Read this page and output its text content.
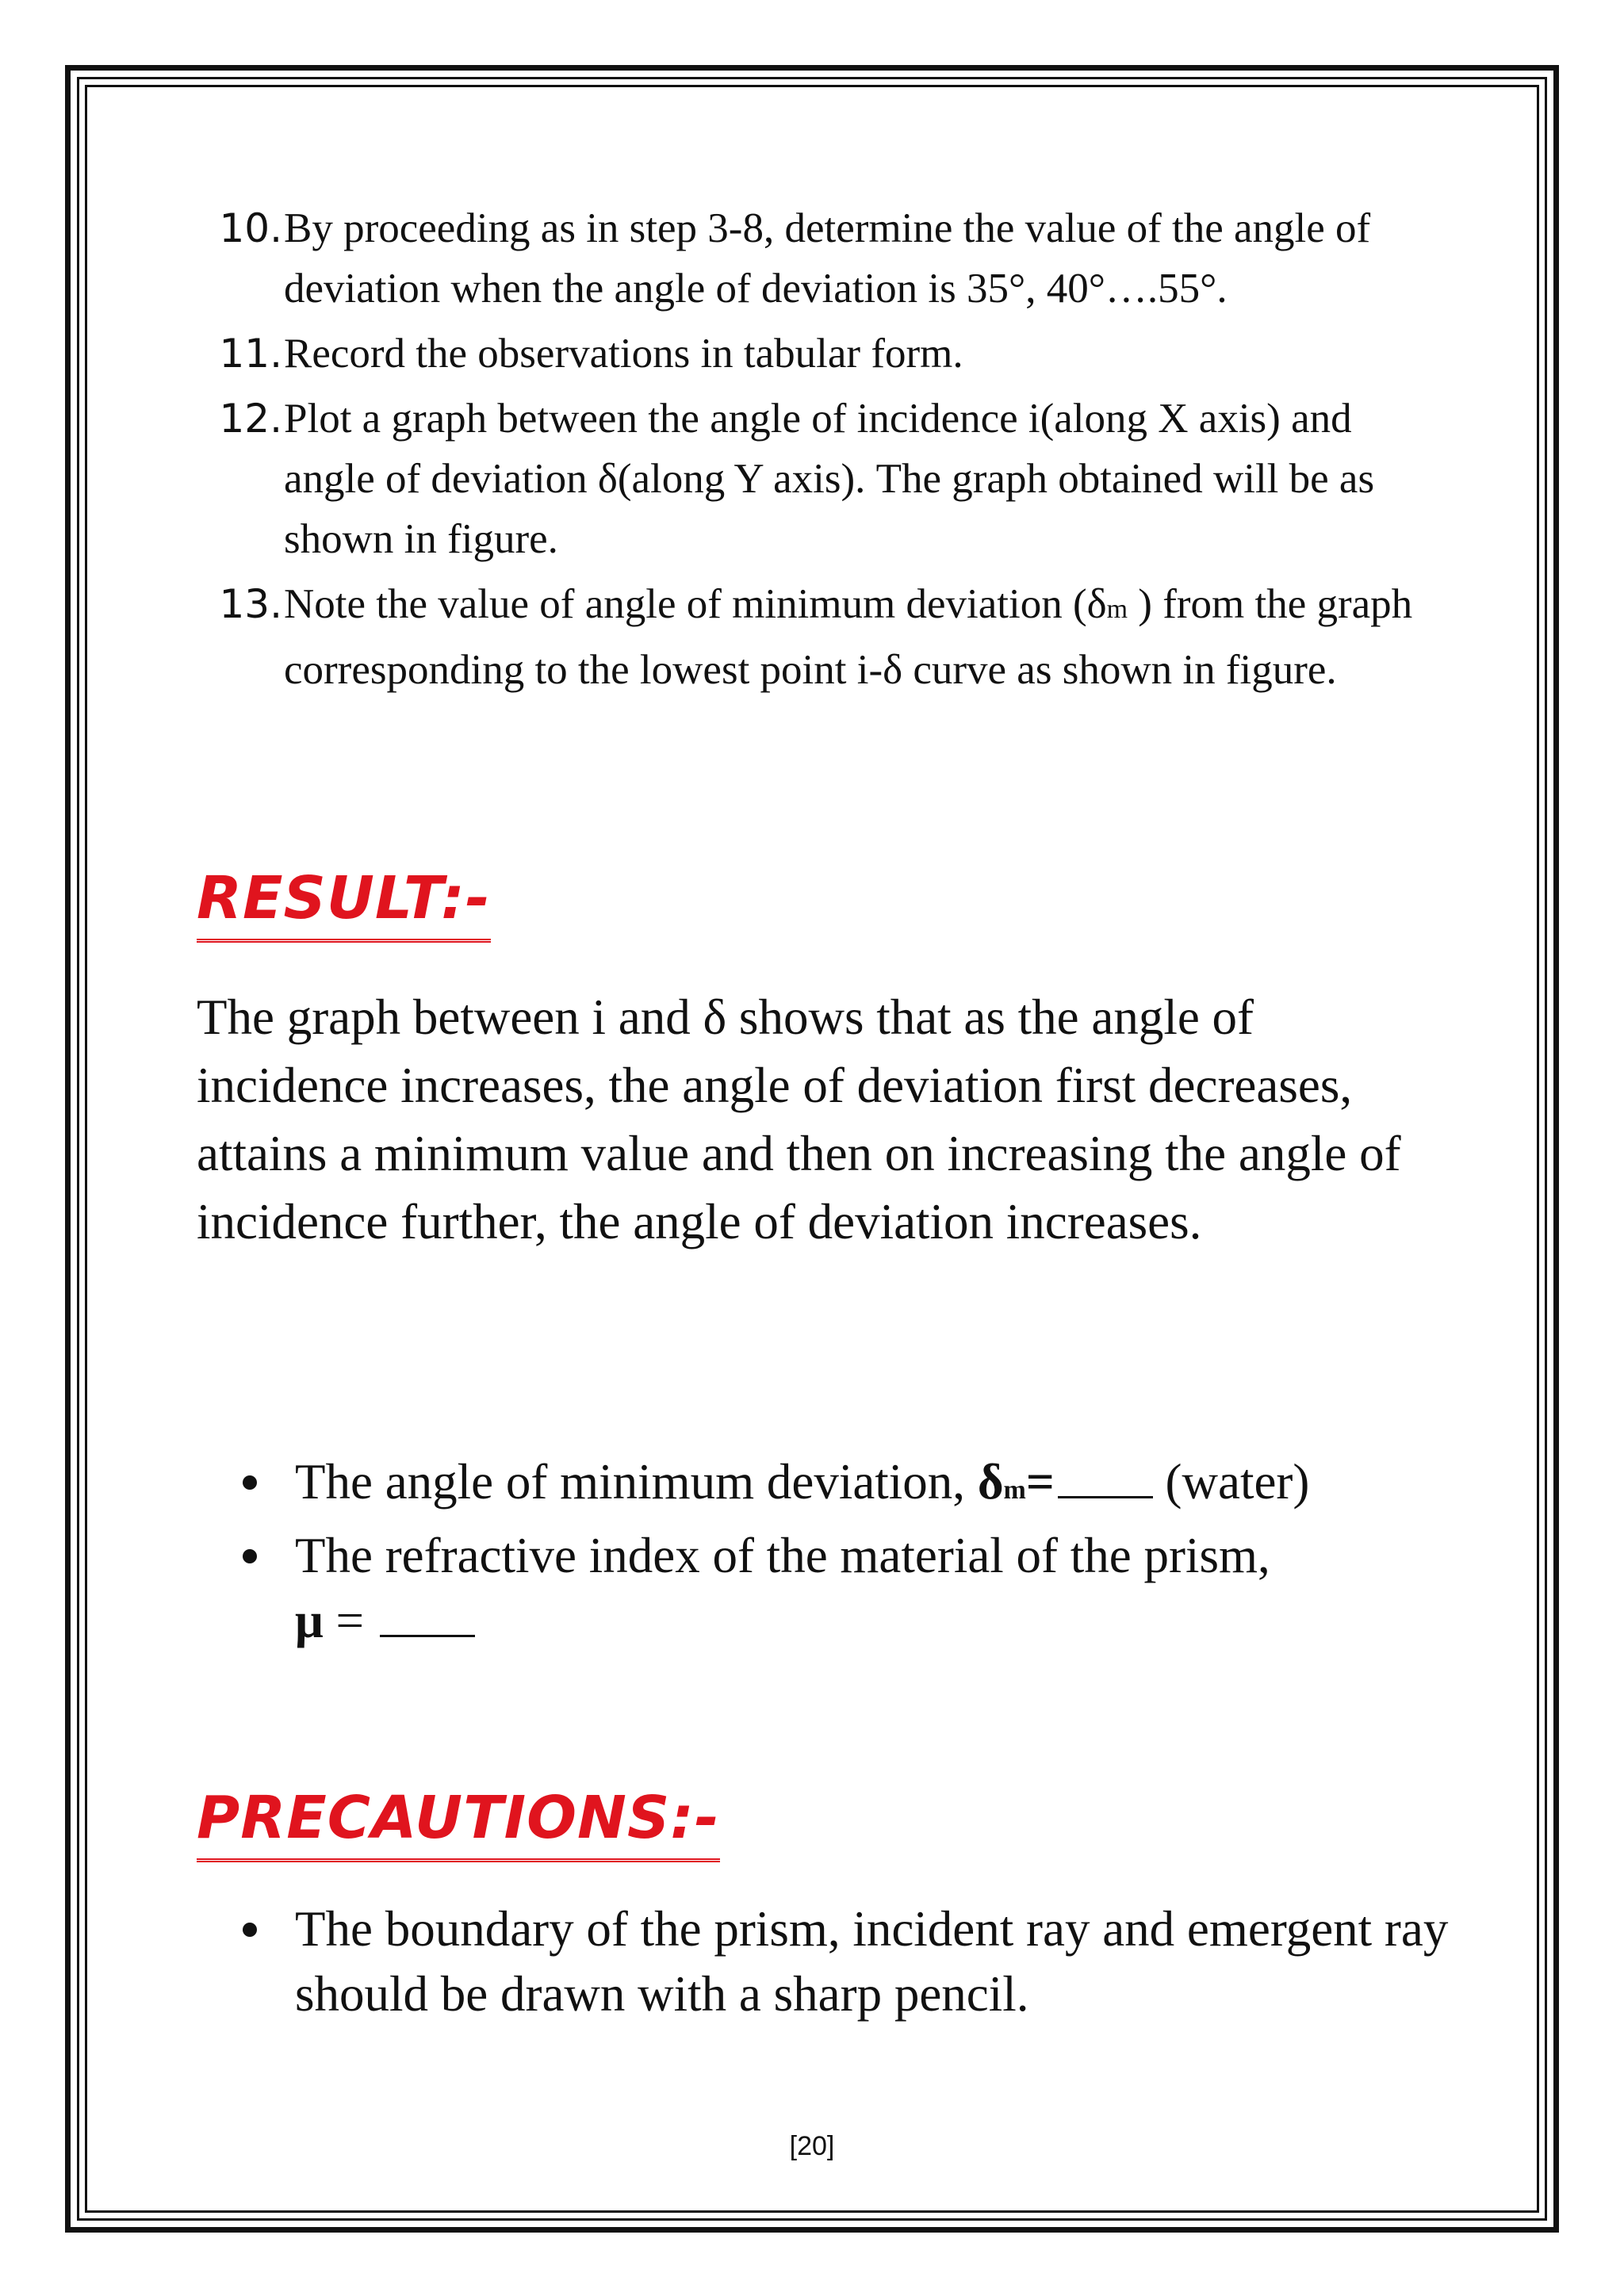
10. By proceeding as in step 3-8, determine the value of the angle of deviation when the angle of deviation is 35°, 40°….55°.
11. Record the observations in tabular form.
12. Plot a graph between the angle of incidence i(along X axis) and angle of deviation δ(along Y axis). The graph obtained will be as shown in figure.
13. Note the value of angle of minimum deviation (δm ) from the graph corresponding to the lowest point i-δ curve as shown in figure.
RESULT:-
The graph between i and δ shows that as the angle of incidence increases, the angle of deviation first decreases, attains a minimum value and then on increasing the angle of incidence further, the angle of deviation increases.
The angle of minimum deviation, δm= (water)
The refractive index of the material of the prism,
μ =
PRECAUTIONS:-
The boundary of the prism, incident ray and emergent ray should be drawn with a sharp pencil.
[20]
